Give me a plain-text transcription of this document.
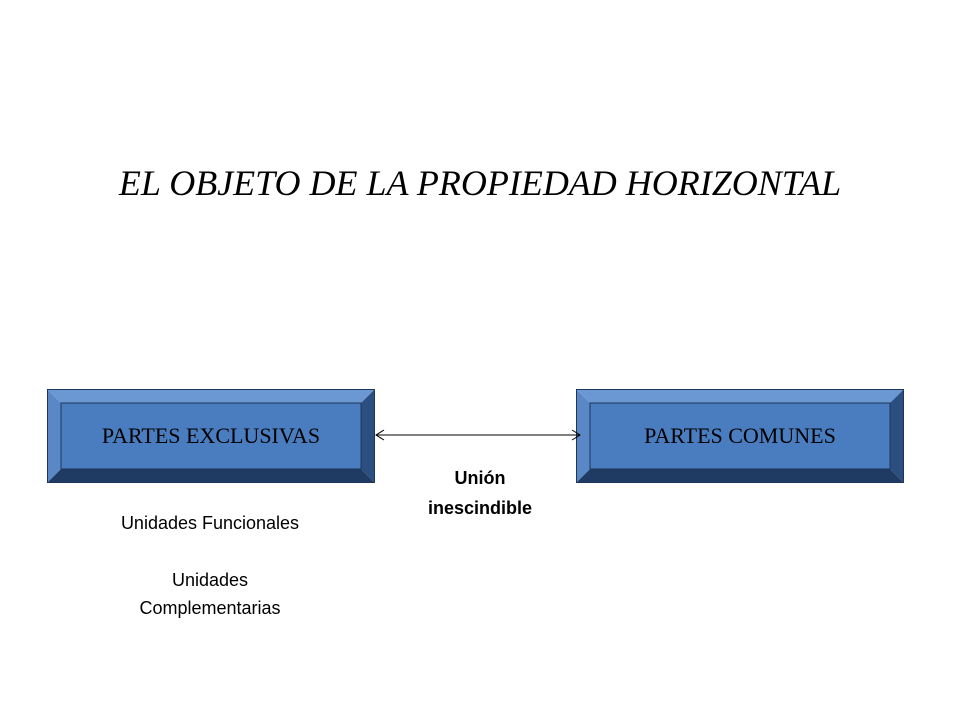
EL OBJETO DE LA PROPIEDAD HORIZONTAL
PARTES EXCLUSIVAS	PARTES COMUNES
Unión
inescindible
Unidades Funcionales
Unidades
Complementarias
